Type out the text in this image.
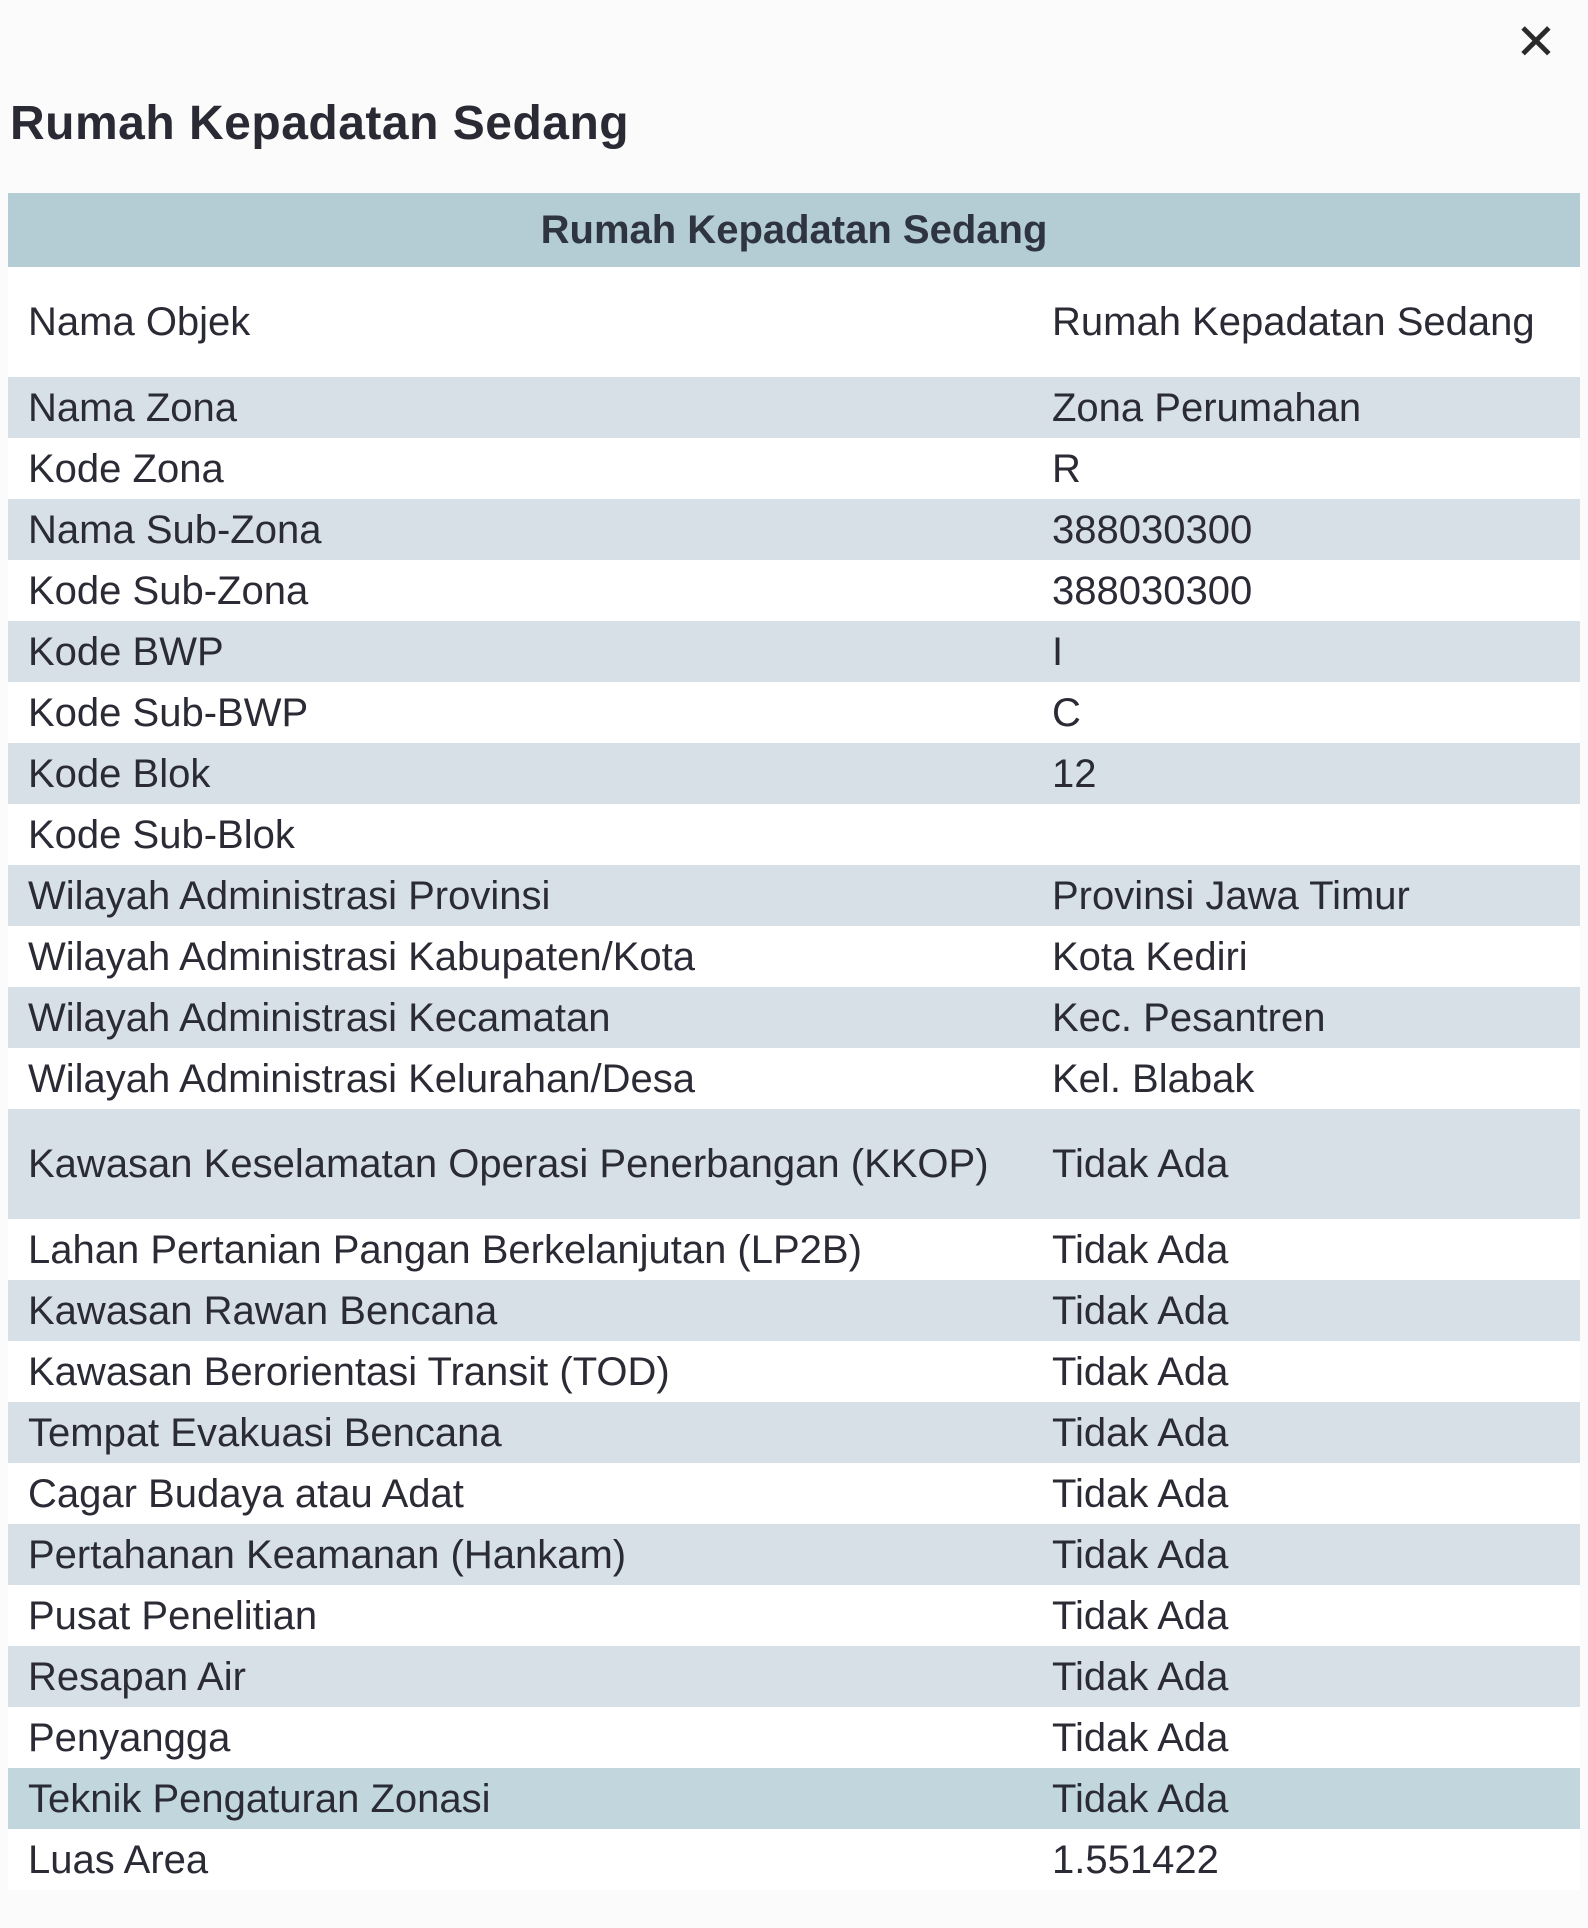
✕
Rumah Kepadatan Sedang
Rumah Kepadatan Sedang	
Nama Objek	Rumah Kepadatan Sedang
Nama Zona	Zona Perumahan
Kode Zona	R
Nama Sub-Zona	388030300
Kode Sub-Zona	388030300
Kode BWP	I
Kode Sub-BWP	C
Kode Blok	12
Kode Sub-Blok	
Wilayah Administrasi Provinsi	Provinsi Jawa Timur
Wilayah Administrasi Kabupaten/Kota	Kota Kediri
Wilayah Administrasi Kecamatan	Kec. Pesantren
Wilayah Administrasi Kelurahan/Desa	Kel. Blabak
Kawasan Keselamatan Operasi Penerbangan (KKOP)	Tidak Ada
Lahan Pertanian Pangan Berkelanjutan (LP2B)	Tidak Ada
Kawasan Rawan Bencana	Tidak Ada
Kawasan Berorientasi Transit (TOD)	Tidak Ada
Tempat Evakuasi Bencana	Tidak Ada
Cagar Budaya atau Adat	Tidak Ada
Pertahanan Keamanan (Hankam)	Tidak Ada
Pusat Penelitian	Tidak Ada
Resapan Air	Tidak Ada
Penyangga	Tidak Ada
Teknik Pengaturan Zonasi	Tidak Ada
Luas Area	1.551422
